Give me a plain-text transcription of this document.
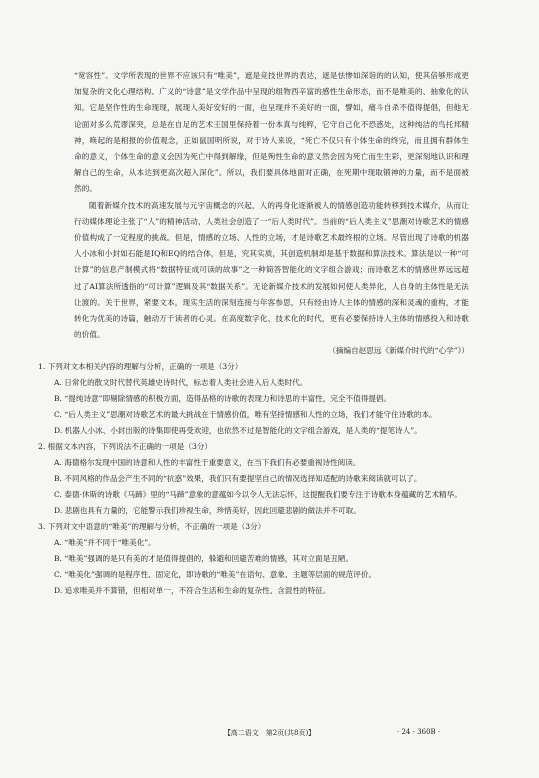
“宽容性”。文学所表现的世界不应该只有“唯美”，遮是竞技世界的表达，遮是怯惨如深诣的的认知，使其倍够形成更加复杂的文化心理结构、广义的“诗意”是文学作品中呈现的组物西辛富的感性生命形态，而不是唯美的、抽象化的认知。它是坚作性的生命现现，展现人美好安好的一面，也呈现并不美好的一面，譬如，痛斗自杀不值得提倡，但他无论面对多么荒谬深突，总是在自足的艺术王国里保持着一份本真与纯粹，它守自己化不恐惑处，这种纯洁的鸟托邦精神，唤起的是相报的价值观念，正如鼠国明所说，对于诗人来说，“死亡不仅只有个体生命的终完，而且拥有群体生命的意义，个体生命的意义会因为死亡中得到解缘，但是殉性生命的意义然会因为死亡而生生彩，更深刻地认识和理解自己的生命，从本达到更高次超入深化”。所以，我们要具体地面对正确，在死期中现取锻神的力量，而不是面被然的。

随着新媒介技术的高速发展与元宇宙概念的兴起，人的再身化逐渐被人的情感创造功能转移到技术媒介，从而让行动媒体理论主张了“人”的精神活动，人类社会创造了一“后人类时代”。当前的“后人类主义”思潮对诗歌艺术的情感价值构成了一定程度的挑战。但是，情感的立场、人性的立场，才是诗歌艺术最终根的立场。尽管出现了诗歌的机器人小冰和小封如石能是IQ和EQ的结合体，但是，究其实质，其创造机制却是基于数据和算法技术。算法是以一种“可计算”的信息产制模式将“数据特征成可读的故事”之一种简答智能化的文字组合游戏；而诗歌艺术的情感世界远远超过了AI算法所透指的“可计算”逻辑及其“数据关系”。无论新媒介技术的发展如何使人类异化，人自身的主体性是无法让渡的。关于世界，紧要文本，现实生活的深刻连接与年客参思，只有经由诗人主体的情感的深和灵魂的重构，才能转化为优美的诗篇，触动万千读者的心灵。在高度数字化、技术化的时代，更有必要保持诗人主体的情感投入和诗歌的价值。

（摘编自赵思远《新媒介时代的“心学”》）

1. 下列对文本相关内容的理解与分析，正确的一项是（3分）

A. 日常化的散文时代替代英雄史诗时代，标志着人类社会进入后人类时代。

B. “提纯诗意”即剔除情感的积极方面，造得品格的诗歌的表现力和诗思的丰富性，完全不值得提倡。

C. “后人类主义”思潮对诗歌艺术的最大挑战在于情感价值，唯有坚持情感和人性的立场，我们才能守住诗歌的本。

D. 机器人小冰、小封出版的诗集即使再受欢迎，也依然不过是智能化的文字组合游戏，是人类的“提笔诗人”。

2. 根据文本内容，下列说法不正确的一项是（3分）

A. 海德格尔发现中国的诗意和人性的丰富性于重要意义，在当下我们有必要重视诗性阅读。

B. 不同风格的作品会产生不同的“抗惑”效果，我们只有要提坚自己的情况选择知适配的诗歌来阅读就可以了。

C. 泰德·休斯的诗歌《马蹄》里的“马蹄”意象的意蕴如今以令人无法忘怀，这提醒我们要专注于诗歌本身蕴藏的艺术精华。

D. 悲剧也具有力量的，它能警示我们珍视生命，珍惜美好，因此回避悲剧的做法并不可取。

3. 下列对文中语意的“唯美”的理解与分析，不正确的一项是（3分）

A. “唯美”并不同于“唯美化”。

B. “唯美”强调的是只有美的才是值得提倡的，躲避和回避苦难的情感，其对立面是丑陋。

C. “唯美化”强调的是程序性、固定化，即诗歌的“唯美”在语句、意象、主题等层面的规范评价。

D. 追求唯美并不算错，但相对单一，不符合生活和生命的复杂性、含混性的特征。

【高二语文　第2页(共8页)】	· 24 - 360B ·
